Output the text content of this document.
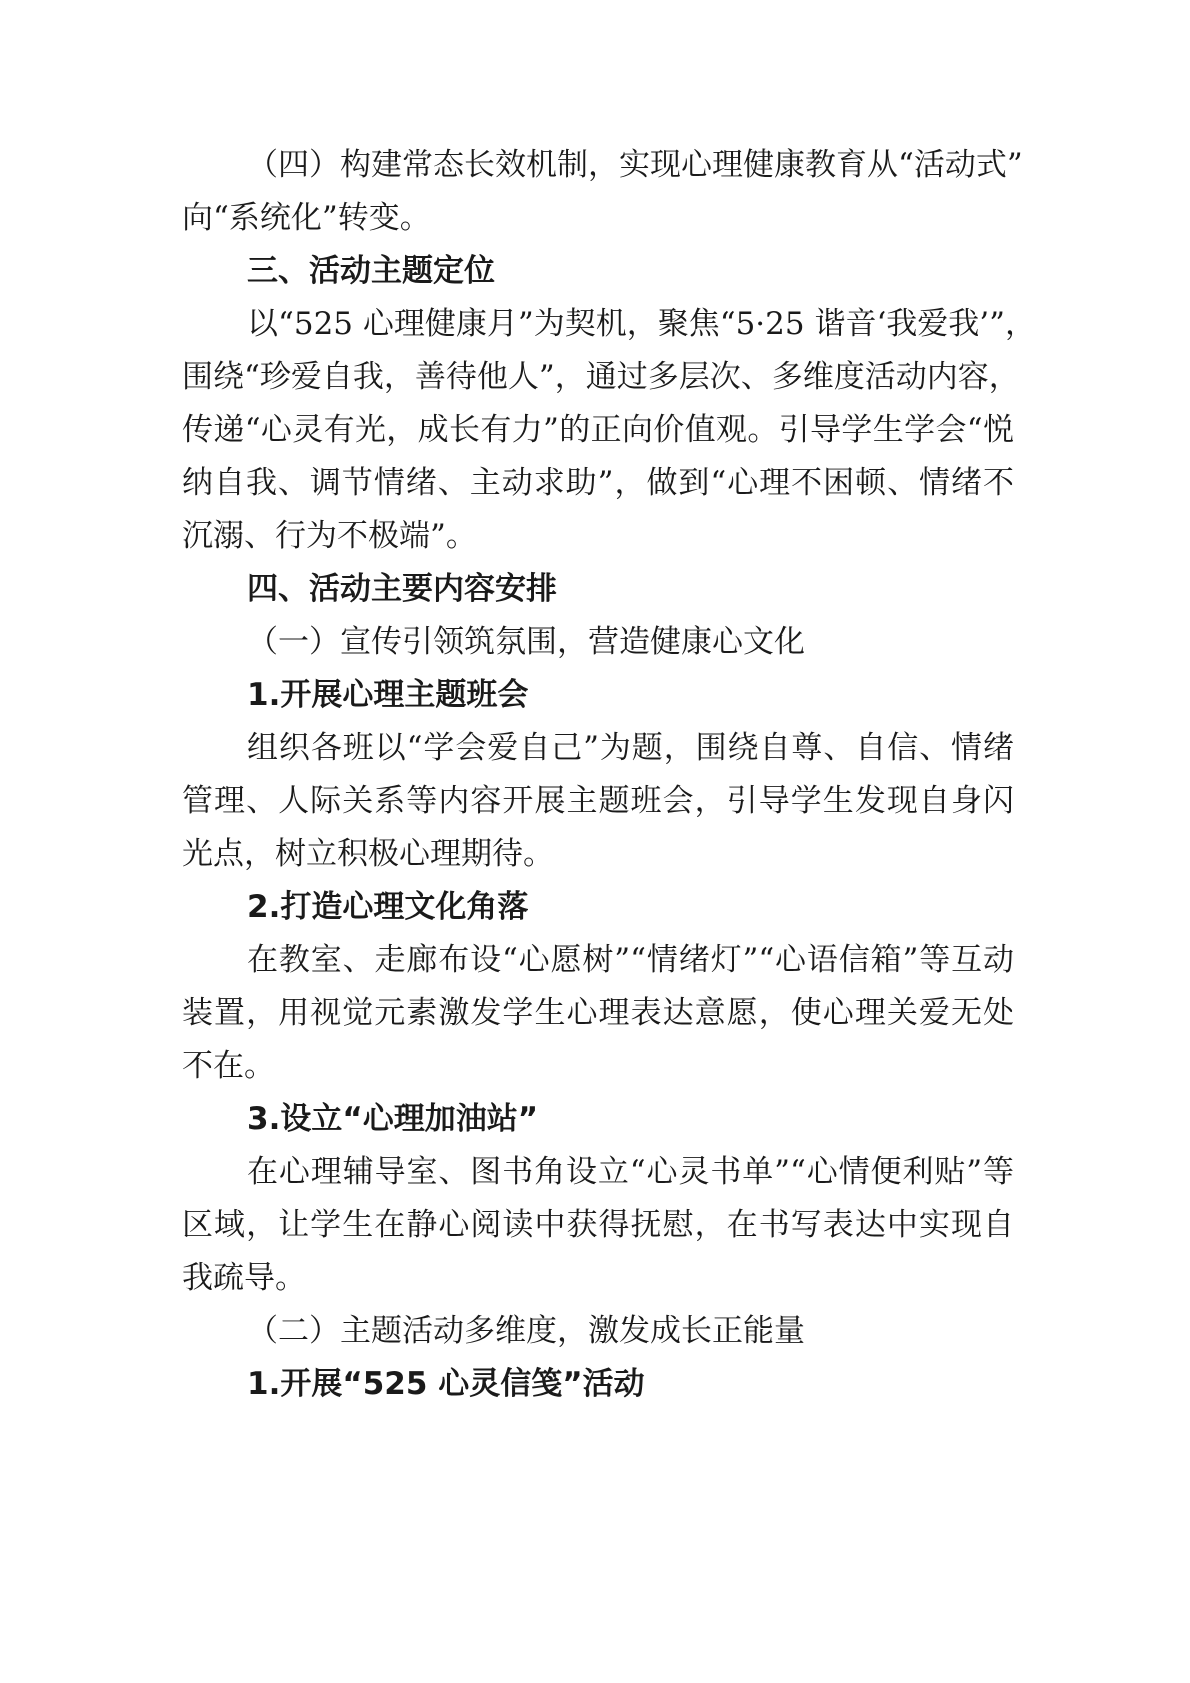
（四）构建常态长效机制，实现心理健康教育从“活动式”
向“系统化”转变。
三、活动主题定位
以“525 心理健康月”为契机，聚焦“5·25 谐音‘我爱我’”，
围绕“珍爱自我，善待他人”，通过多层次、多维度活动内容，
传递“心灵有光，成长有力”的正向价值观。引导学生学会“悦
纳自我、调节情绪、主动求助”，做到“心理不困顿、情绪不
沉溺、行为不极端”。
四、活动主要内容安排
（一）宣传引领筑氛围，营造健康心文化
1.开展心理主题班会
组织各班以“学会爱自己”为题，围绕自尊、自信、情绪
管理、人际关系等内容开展主题班会，引导学生发现自身闪
光点，树立积极心理期待。
2.打造心理文化角落
在教室、走廊布设“心愿树”“情绪灯”“心语信箱”等互动
装置，用视觉元素激发学生心理表达意愿，使心理关爱无处
不在。
3.设立“心理加油站”
在心理辅导室、图书角设立“心灵书单”“心情便利贴”等
区域，让学生在静心阅读中获得抚慰，在书写表达中实现自
我疏导。
（二）主题活动多维度，激发成长正能量
1.开展“525 心灵信笺”活动
